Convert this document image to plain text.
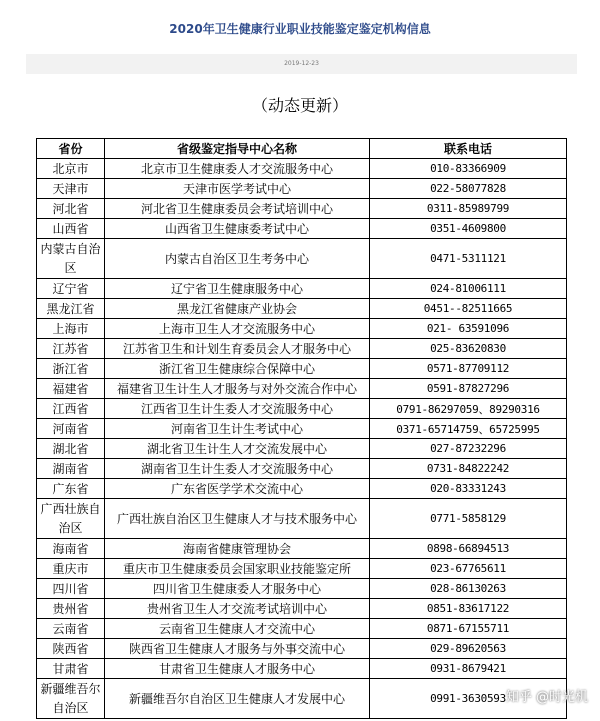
2020年卫生健康行业职业技能鉴定鉴定机构信息
2019-12-23
（动态更新）
省份	省级鉴定指导中心名称	联系电话
北京市	北京市卫生健康委人才交流服务中心	010-83366909
天津市	天津市医学考试中心	022-58077828
河北省	河北省卫生健康委员会考试培训中心	0311-85989799
山西省	山西省卫生健康委考试中心	0351-4609800
内蒙古自治区	内蒙古自治区卫生考务中心	0471-5311121
辽宁省	辽宁省卫生健康服务中心	024-81006111
黑龙江省	黑龙江省健康产业协会	0451--82511665
上海市	上海市卫生人才交流服务中心	021- 63591096
江苏省	江苏省卫生和计划生育委员会人才服务中心	025-83620830
浙江省	浙江省卫生健康综合保障中心	0571-87709112
福建省	福建省卫生计生人才服务与对外交流合作中心	0591-87827296
江西省	江西省卫生计生委人才交流服务中心	0791-86297059、89290316
河南省	河南省卫生计生考试中心	0371-65714759、65725995
湖北省	湖北省卫生计生人才交流发展中心	027-87232296
湖南省	湖南省卫生计生委人才交流服务中心	0731-84822242
广东省	广东省医学学术交流中心	020-83331243
广西壮族自治区	广西壮族自治区卫生健康人才与技术服务中心	0771-5858129
海南省	海南省健康管理协会	0898-66894513
重庆市	重庆市卫生健康委员会国家职业技能鉴定所	023-67765611
四川省	四川省卫生健康委人才服务中心	028-86130263
贵州省	贵州省卫生人才交流考试培训中心	0851-83617122
云南省	云南省卫生健康人才交流中心	0871-67155711
陕西省	陕西省卫生健康人才服务与外事交流中心	029-89620563
甘肃省	甘肃省卫生健康人才服务中心	0931-8679421
新疆维吾尔自治区	新疆维吾尔自治区卫生健康人才发展中心	0991-3630593 知乎 @时光机
